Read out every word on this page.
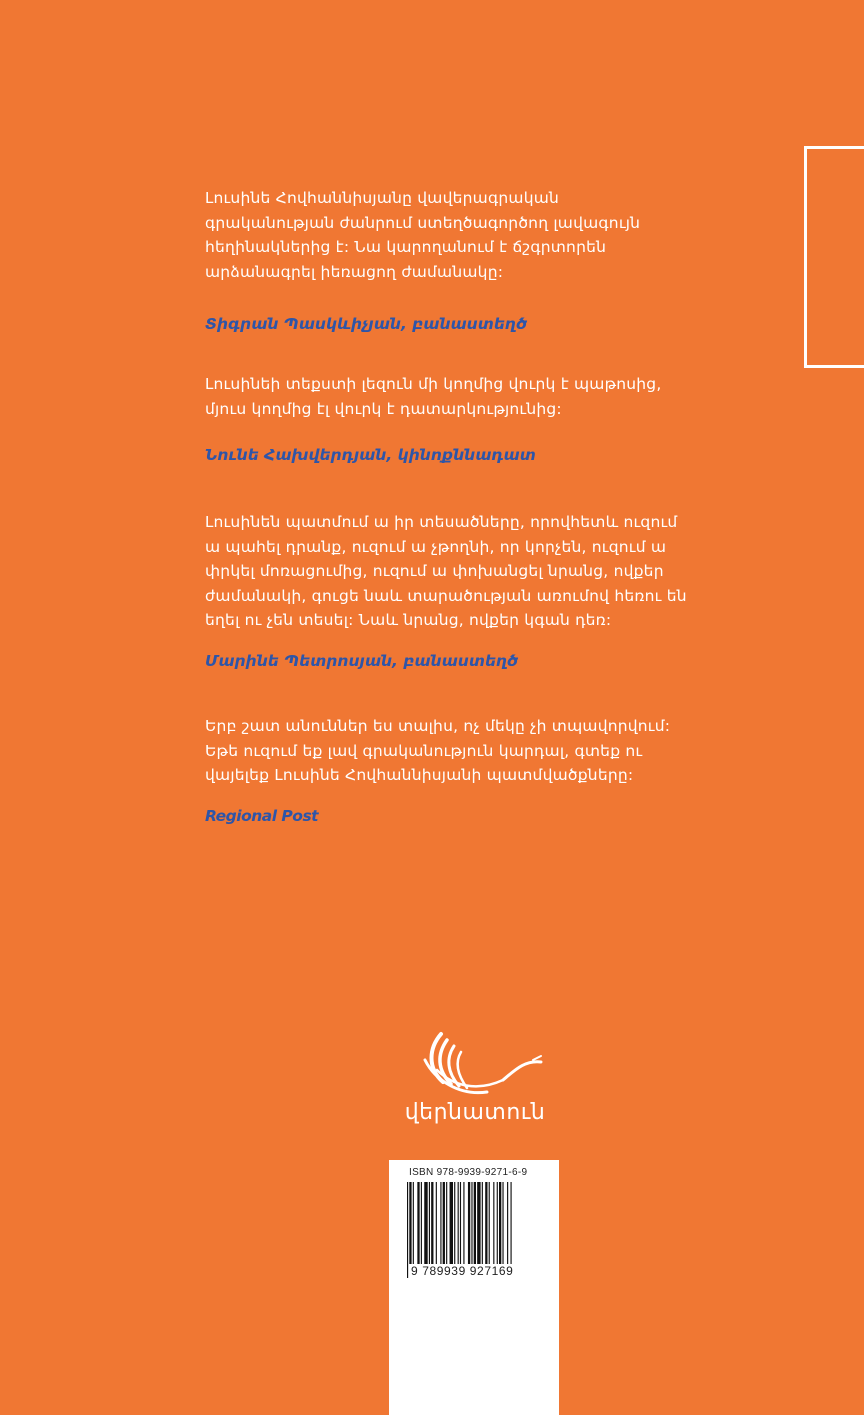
Լուսինե Հովհաննիսյանը վավերագրական
գրականության ժանրում ստեղծագործող լավագույն
հեղինակներից է: Նա կարողանում է ճշգրտորեն
արձանագրել իեռացող ժամանակը:

Տիգրան Պասկևիչյան, բանաստեղծ

Լուսինեի տեքստի լեզուն մի կողմից վուրկ է պաթոսից,
մյուս կողմից էլ վուրկ է դատարկությունից:

Նունե Հախվերդյան, կինոքննադատ

Լուսինեն պատմում ա իր տեսածները, որովհետև ուզում
ա պահել դրանք, ուզում ա չթողնի, որ կորչեն, ուզում ա
փրկել մոռացումից, ուզում ա փոխանցել նրանց, ովքեր
ժամանակի, գուցե նաև տարածության առումով հեռու են
եղել ու չեն տեսել: Նաև նրանց, ովքեր կգան դեռ:

Մարինե Պետրոսյան, բանաստեղծ

Երբ շատ անուններ ես տալիս, ոչ մեկը չի տպավորվում:
Եթե ուզում եք լավ գրականություն կարդալ, գտեք ու
վայելեք Լուսինե Հովհաննիսյանի պատմվածքները:

Regional Post

վերնատուն
ISBN 978-9939-9271-6-9
9 789939 927169
